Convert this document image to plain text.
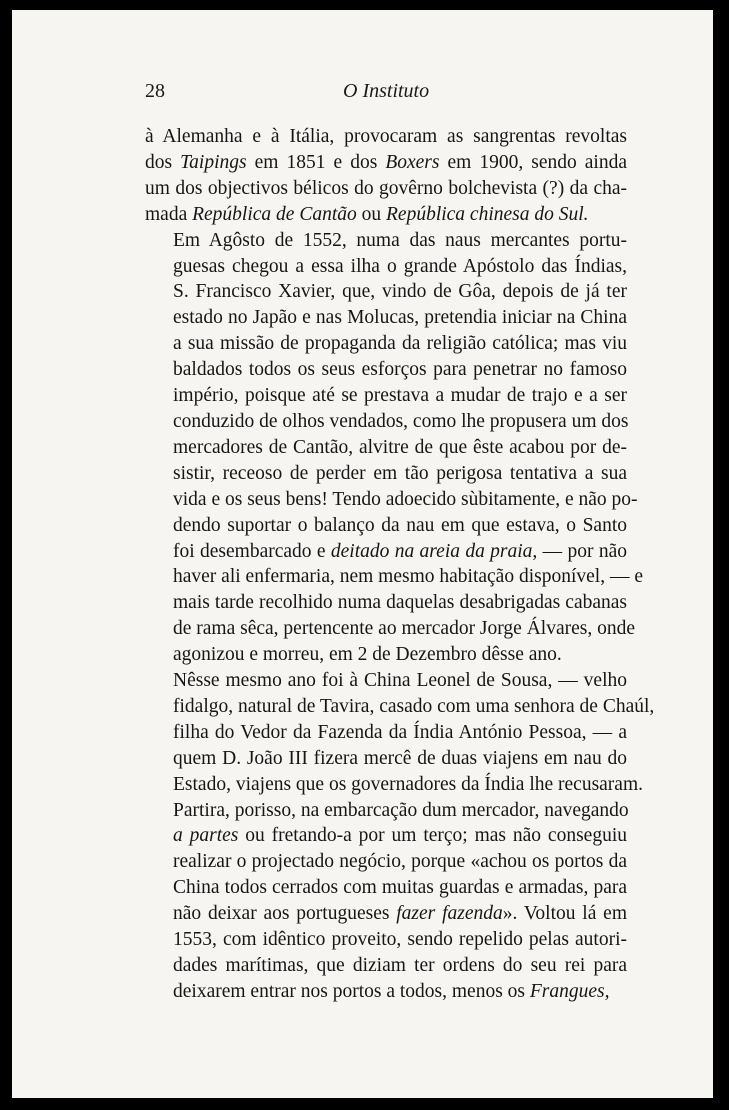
28	O Instituto

à Alemanha e à Itália, provocaram as sangrentas revoltas
dos Taipings em 1851 e dos Boxers em 1900, sendo ainda
um dos objectivos bélicos do govêrno bolchevista (?) da cha-
mada República de Cantão ou República chinesa do Sul.

Em Agôsto de 1552, numa das naus mercantes portu-
guesas chegou a essa ilha o grande Apóstolo das Índias,
S. Francisco Xavier, que, vindo de Gôa, depois de já ter
estado no Japão e nas Molucas, pretendia iniciar na China
a sua missão de propaganda da religião católica; mas viu
baldados todos os seus esforços para penetrar no famoso
império, poisque até se prestava a mudar de trajo e a ser
conduzido de olhos vendados, como lhe propusera um dos
mercadores de Cantão, alvitre de que êste acabou por de-
sistir, receoso de perder em tão perigosa tentativa a sua
vida e os seus bens! Tendo adoecido sùbitamente, e não po-
dendo suportar o balanço da nau em que estava, o Santo
foi desembarcado e deitado na areia da praia, — por não
haver ali enfermaria, nem mesmo habitação disponível, — e
mais tarde recolhido numa daquelas desabrigadas cabanas
de rama sêca, pertencente ao mercador Jorge Álvares, onde
agonizou e morreu, em 2 de Dezembro dêsse ano.

Nêsse mesmo ano foi à China Leonel de Sousa, — velho
fidalgo, natural de Tavira, casado com uma senhora de Chaúl,
filha do Vedor da Fazenda da Índia António Pessoa, — a
quem D. João III fizera mercê de duas viajens em nau do
Estado, viajens que os governadores da Índia lhe recusaram.
Partira, porisso, na embarcação dum mercador, navegando
a partes ou fretando-a por um terço; mas não conseguiu
realizar o projectado negócio, porque «achou os portos da
China todos cerrados com muitas guardas e armadas, para
não deixar aos portugueses fazer fazenda». Voltou lá em
1553, com idêntico proveito, sendo repelido pelas autori-
dades marítimas, que diziam ter ordens do seu rei para
deixarem entrar nos portos a todos, menos os Frangues,
